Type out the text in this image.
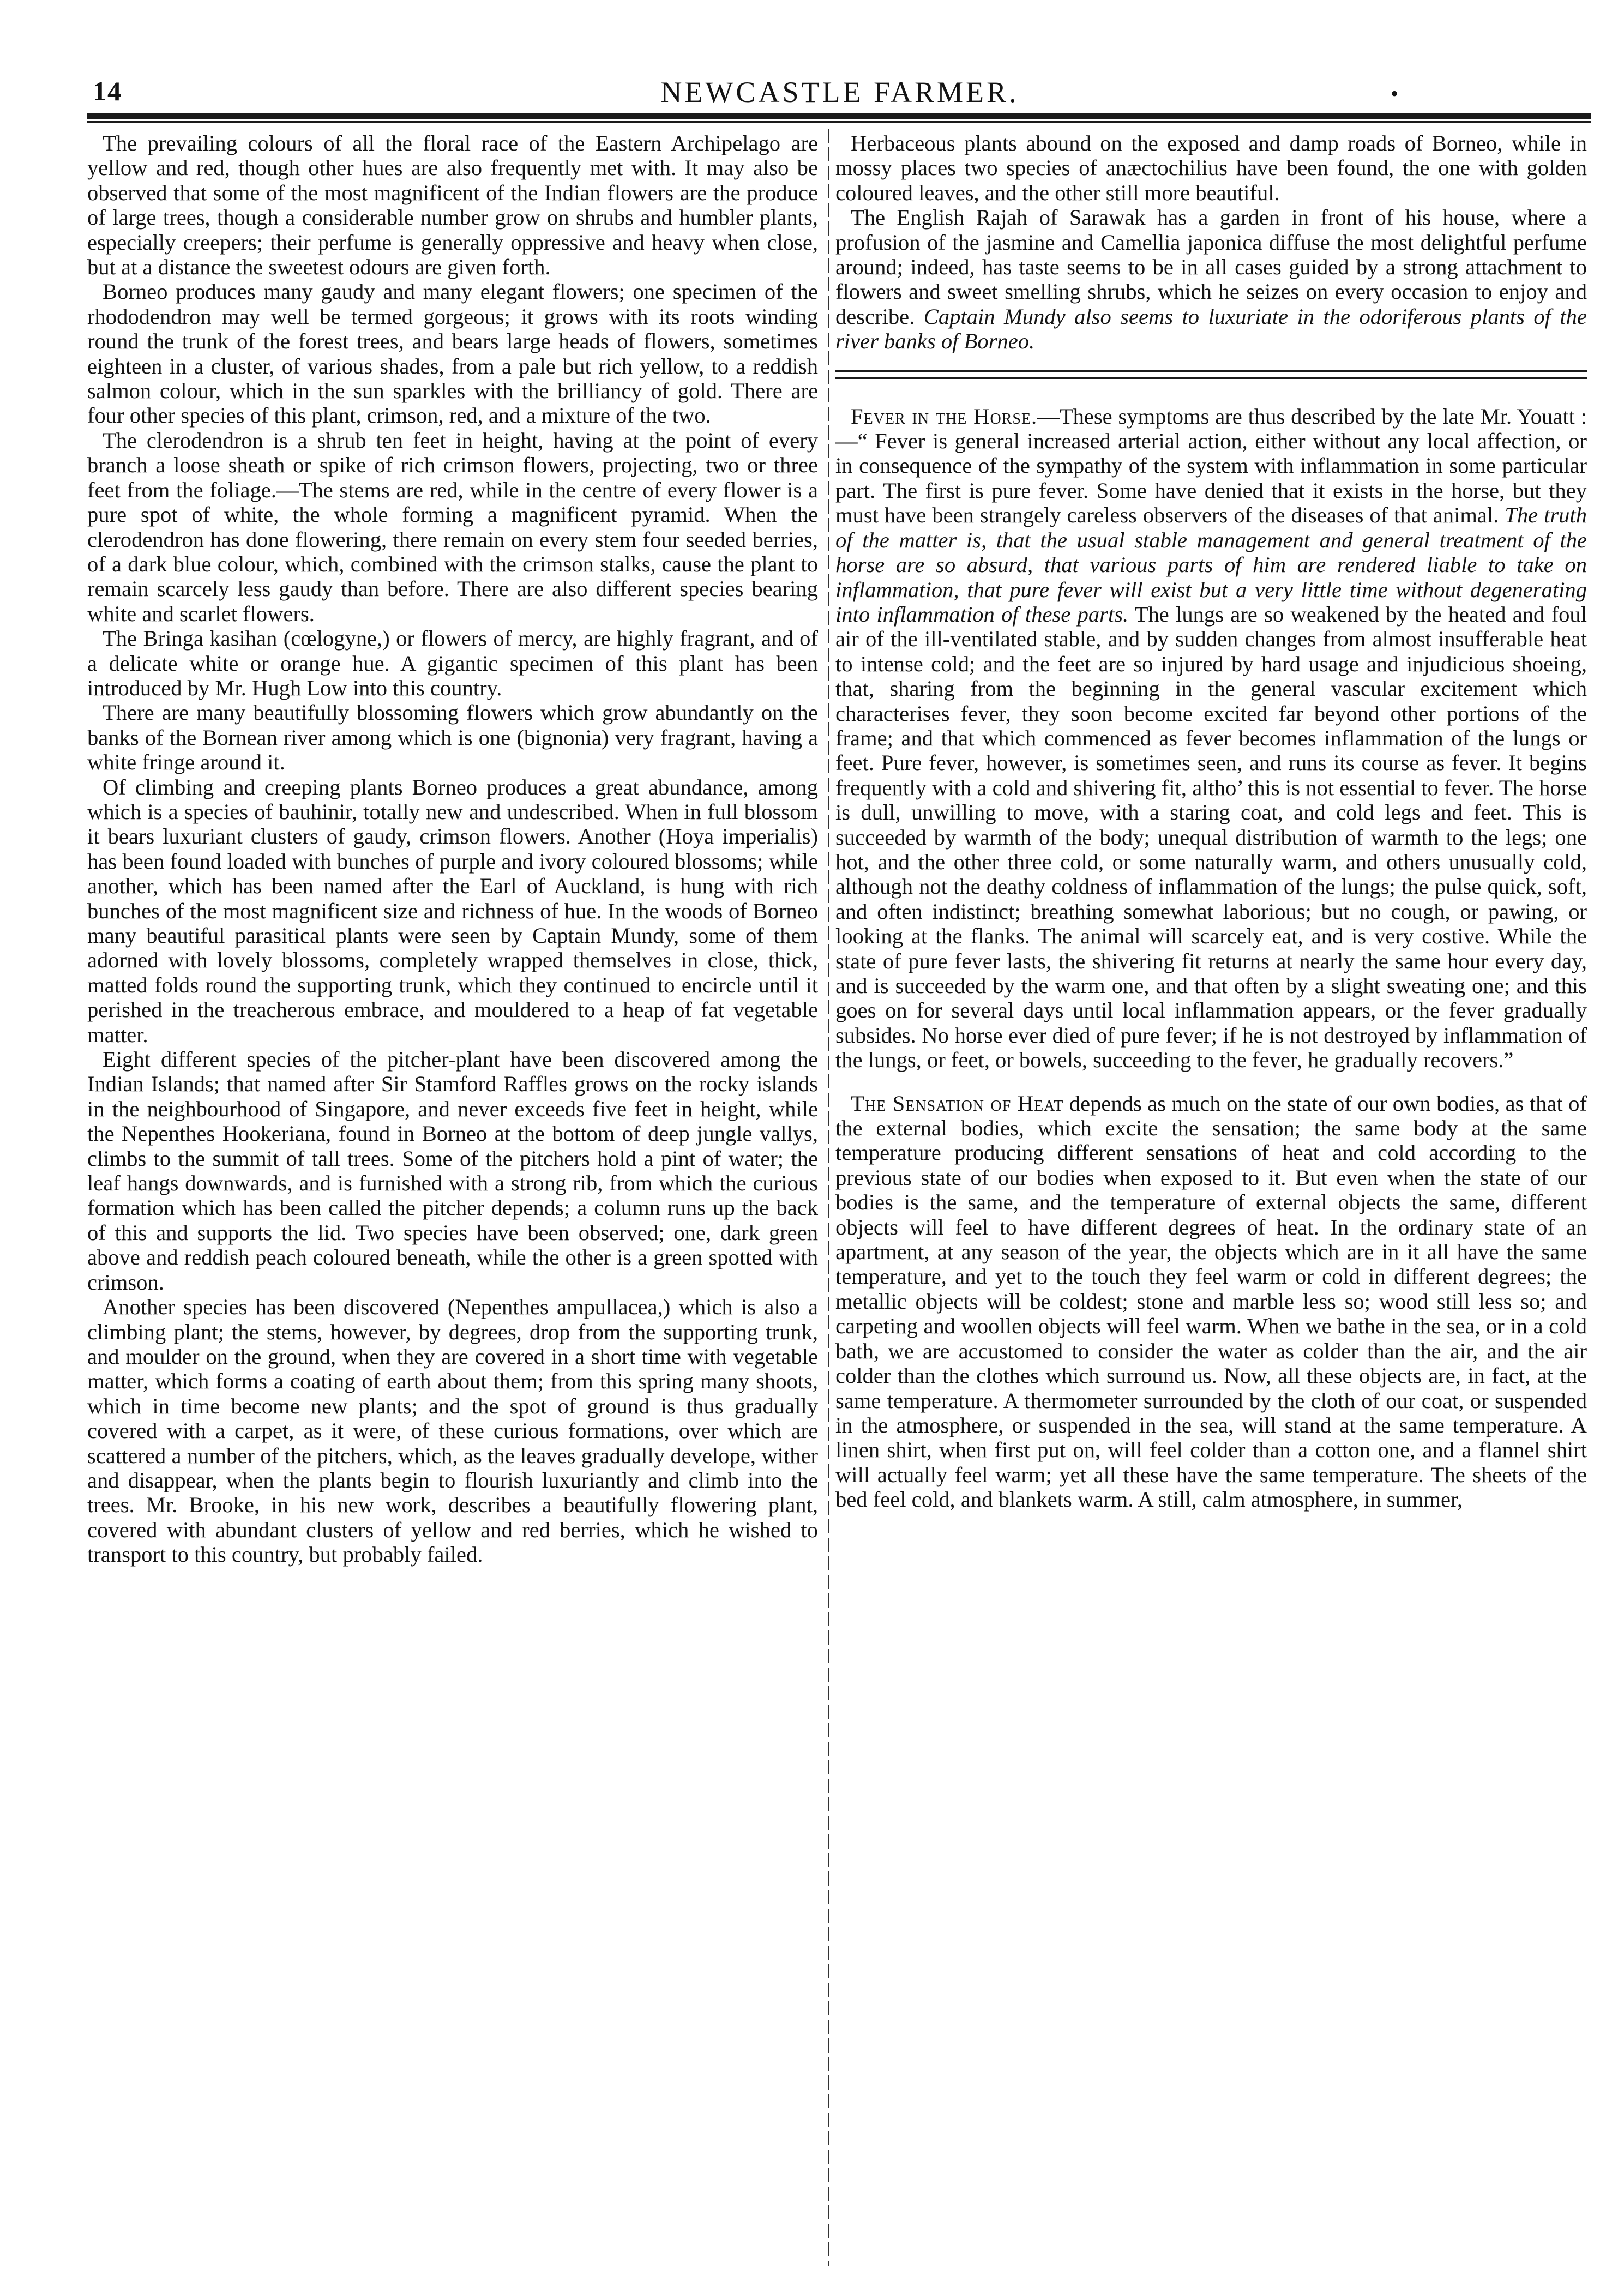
14	NEWCASTLE FARMER.	•

The prevailing colours of all the floral race of the Eastern Archipelago are yellow and red, though other hues are also frequently met with. It may also be observed that some of the most magnificent of the Indian flowers are the produce of large trees, though a considerable number grow on shrubs and humbler plants, especially creepers; their perfume is generally oppressive and heavy when close, but at a distance the sweetest odours are given forth.

Borneo produces many gaudy and many elegant flowers; one specimen of the rhododendron may well be termed gorgeous; it grows with its roots winding round the trunk of the forest trees, and bears large heads of flowers, sometimes eighteen in a cluster, of various shades, from a pale but rich yellow, to a reddish salmon colour, which in the sun sparkles with the brilliancy of gold. There are four other species of this plant, crimson, red, and a mixture of the two.

The clerodendron is a shrub ten feet in height, having at the point of every branch a loose sheath or spike of rich crimson flowers, projecting, two or three feet from the foliage.—The stems are red, while in the centre of every flower is a pure spot of white, the whole forming a magnificent pyramid. When the clerodendron has done flowering, there remain on every stem four seeded berries, of a dark blue colour, which, combined with the crimson stalks, cause the plant to remain scarcely less gaudy than before. There are also different species bearing white and scarlet flowers.

The Bringa kasihan (cœlogyne,) or flowers of mercy, are highly fragrant, and of a delicate white or orange hue. A gigantic specimen of this plant has been introduced by Mr. Hugh Low into this country.

There are many beautifully blossoming flowers which grow abundantly on the banks of the Bornean river among which is one (bignonia) very fragrant, having a white fringe around it.

Of climbing and creeping plants Borneo produces a great abundance, among which is a species of bauhinir, totally new and undescribed. When in full blossom it bears luxuriant clusters of gaudy, crimson flowers. Another (Hoya imperialis) has been found loaded with bunches of purple and ivory coloured blossoms; while another, which has been named after the Earl of Auckland, is hung with rich bunches of the most magnificent size and richness of hue. In the woods of Borneo many beautiful parasitical plants were seen by Captain Mundy, some of them adorned with lovely blossoms, completely wrapped themselves in close, thick, matted folds round the supporting trunk, which they continued to encircle until it perished in the treacherous embrace, and mouldered to a heap of fat vegetable matter.

Eight different species of the pitcher-plant have been discovered among the Indian Islands; that named after Sir Stamford Raffles grows on the rocky islands in the neighbourhood of Singapore, and never exceeds five feet in height, while the Nepenthes Hookeriana, found in Borneo at the bottom of deep jungle vallys, climbs to the summit of tall trees. Some of the pitchers hold a pint of water; the leaf hangs downwards, and is furnished with a strong rib, from which the curious formation which has been called the pitcher depends; a column runs up the back of this and supports the lid. Two species have been observed; one, dark green above and reddish peach coloured beneath, while the other is a green spotted with crimson.

Another species has been discovered (Nepenthes ampullacea,) which is also a climbing plant; the stems, however, by degrees, drop from the supporting trunk, and moulder on the ground, when they are covered in a short time with vegetable matter, which forms a coating of earth about them; from this spring many shoots, which in time become new plants; and the spot of ground is thus gradually covered with a carpet, as it were, of these curious formations, over which are scattered a number of the pitchers, which, as the leaves gradually develope, wither and disappear, when the plants begin to flourish luxuriantly and climb into the trees. Mr. Brooke, in his new work, describes a beautifully flowering plant, covered with abundant clusters of yellow and red berries, which he wished to transport to this country, but probably failed.

Herbaceous plants abound on the exposed and damp roads of Borneo, while in mossy places two species of anæctochilius have been found, the one with golden coloured leaves, and the other still more beautiful.

The English Rajah of Sarawak has a garden in front of his house, where a profusion of the jasmine and Camellia japonica diffuse the most delightful perfume around; indeed, has taste seems to be in all cases guided by a strong attachment to flowers and sweet smelling shrubs, which he seizes on every occasion to enjoy and describe. Captain Mundy also seems to luxuriate in the odoriferous plants of the river banks of Borneo.

Fever in the Horse.—These symptoms are thus described by the late Mr. Youatt :—“ Fever is general increased arterial action, either without any local affection, or in consequence of the sympathy of the system with inflammation in some particular part. The first is pure fever. Some have denied that it exists in the horse, but they must have been strangely careless observers of the diseases of that animal. The truth of the matter is, that the usual stable management and general treatment of the horse are so absurd, that various parts of him are rendered liable to take on inflammation, that pure fever will exist but a very little time without degenerating into inflammation of these parts. The lungs are so weakened by the heated and foul air of the ill-ventilated stable, and by sudden changes from almost insufferable heat to intense cold; and the feet are so injured by hard usage and injudicious shoeing, that, sharing from the beginning in the general vascular excitement which characterises fever, they soon become excited far beyond other portions of the frame; and that which commenced as fever becomes inflammation of the lungs or feet. Pure fever, however, is sometimes seen, and runs its course as fever. It begins frequently with a cold and shivering fit, altho’ this is not essential to fever. The horse is dull, unwilling to move, with a staring coat, and cold legs and feet. This is succeeded by warmth of the body; unequal distribution of warmth to the legs; one hot, and the other three cold, or some naturally warm, and others unusually cold, although not the deathy coldness of inflammation of the lungs; the pulse quick, soft, and often indistinct; breathing somewhat laborious; but no cough, or pawing, or looking at the flanks. The animal will scarcely eat, and is very costive. While the state of pure fever lasts, the shivering fit returns at nearly the same hour every day, and is succeeded by the warm one, and that often by a slight sweating one; and this goes on for several days until local inflammation appears, or the fever gradually subsides. No horse ever died of pure fever; if he is not destroyed by inflammation of the lungs, or feet, or bowels, succeeding to the fever, he gradually recovers.”

The Sensation of Heat depends as much on the state of our own bodies, as that of the external bodies, which excite the sensation; the same body at the same temperature producing different sensations of heat and cold according to the previous state of our bodies when exposed to it. But even when the state of our bodies is the same, and the temperature of external objects the same, different objects will feel to have different degrees of heat. In the ordinary state of an apartment, at any season of the year, the objects which are in it all have the same temperature, and yet to the touch they feel warm or cold in different degrees; the metallic objects will be coldest; stone and marble less so; wood still less so; and carpeting and woollen objects will feel warm. When we bathe in the sea, or in a cold bath, we are accustomed to consider the water as colder than the air, and the air colder than the clothes which surround us. Now, all these objects are, in fact, at the same temperature. A thermometer surrounded by the cloth of our coat, or suspended in the atmosphere, or suspended in the sea, will stand at the same temperature. A linen shirt, when first put on, will feel colder than a cotton one, and a flannel shirt will actually feel warm; yet all these have the same temperature. The sheets of the bed feel cold, and blankets warm. A still, calm atmosphere, in summer,
